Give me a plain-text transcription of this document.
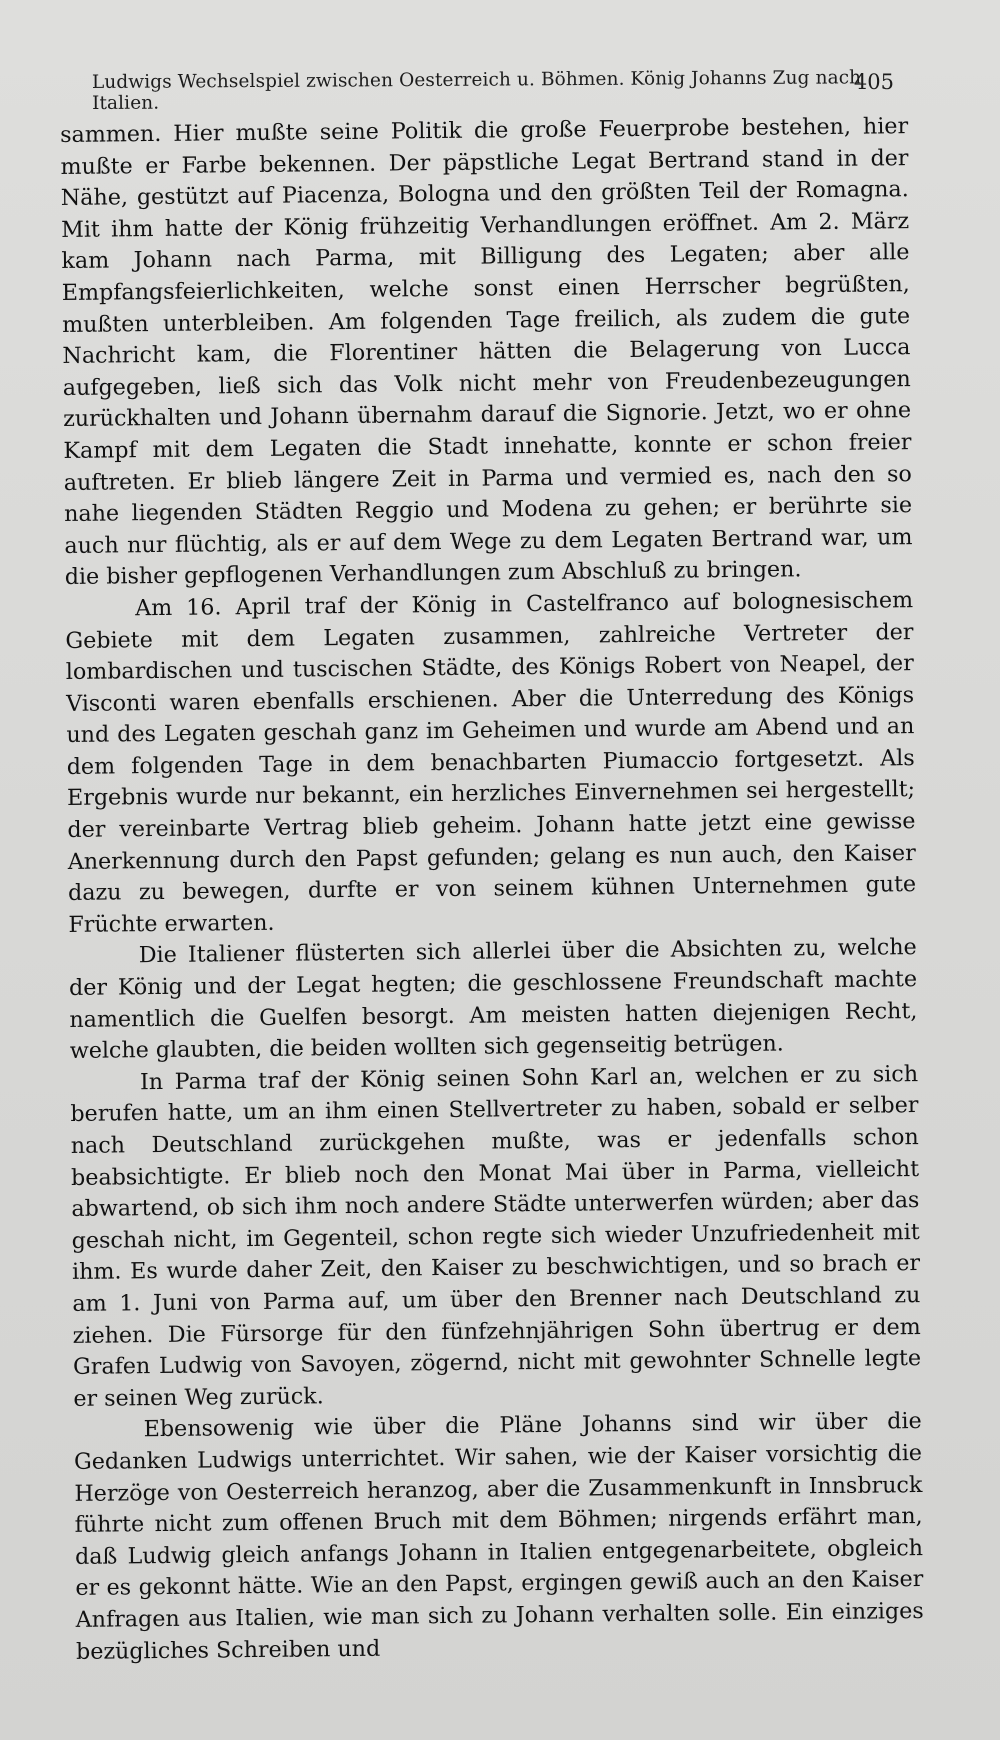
Ludwigs Wechselspiel zwischen Oesterreich u. Böhmen. König Johanns Zug nach Italien.
405

sammen. Hier mußte seine Politik die große Feuerprobe bestehen, hier mußte er Farbe bekennen. Der päpstliche Legat Bertrand stand in der Nähe, gestützt auf Piacenza, Bologna und den größten Teil der Romagna. Mit ihm hatte der König frühzeitig Verhandlungen eröffnet. Am 2. März kam Johann nach Parma, mit Billigung des Legaten; aber alle Empfangsfeierlichkeiten, welche sonst einen Herrscher begrüßten, mußten unterbleiben. Am folgenden Tage freilich, als zudem die gute Nachricht kam, die Florentiner hätten die Belagerung von Lucca aufgegeben, ließ sich das Volk nicht mehr von Freudenbezeugungen zurückhalten und Johann übernahm darauf die Signorie. Jetzt, wo er ohne Kampf mit dem Legaten die Stadt innehatte, konnte er schon freier auftreten. Er blieb längere Zeit in Parma und vermied es, nach den so nahe liegenden Städten Reggio und Modena zu gehen; er berührte sie auch nur flüchtig, als er auf dem Wege zu dem Legaten Bertrand war, um die bisher gepflogenen Verhandlungen zum Abschluß zu bringen.

Am 16. April traf der König in Castelfranco auf bolognesischem Gebiete mit dem Legaten zusammen, zahlreiche Vertreter der lombardischen und tuscischen Städte, des Königs Robert von Neapel, der Visconti waren ebenfalls erschienen. Aber die Unterredung des Königs und des Legaten geschah ganz im Geheimen und wurde am Abend und an dem folgenden Tage in dem benachbarten Piumaccio fortgesetzt. Als Ergebnis wurde nur bekannt, ein herzliches Einvernehmen sei hergestellt; der vereinbarte Vertrag blieb geheim. Johann hatte jetzt eine gewisse Anerkennung durch den Papst gefunden; gelang es nun auch, den Kaiser dazu zu bewegen, durfte er von seinem kühnen Unternehmen gute Früchte erwarten.

Die Italiener flüsterten sich allerlei über die Absichten zu, welche der König und der Legat hegten; die geschlossene Freundschaft machte namentlich die Guelfen besorgt. Am meisten hatten diejenigen Recht, welche glaubten, die beiden wollten sich gegenseitig betrügen.

In Parma traf der König seinen Sohn Karl an, welchen er zu sich berufen hatte, um an ihm einen Stellvertreter zu haben, sobald er selber nach Deutschland zurückgehen mußte, was er jedenfalls schon beabsichtigte. Er blieb noch den Monat Mai über in Parma, vielleicht abwartend, ob sich ihm noch andere Städte unterwerfen würden; aber das geschah nicht, im Gegenteil, schon regte sich wieder Unzufriedenheit mit ihm. Es wurde daher Zeit, den Kaiser zu beschwichtigen, und so brach er am 1. Juni von Parma auf, um über den Brenner nach Deutschland zu ziehen. Die Fürsorge für den fünfzehnjährigen Sohn übertrug er dem Grafen Ludwig von Savoyen, zögernd, nicht mit gewohnter Schnelle legte er seinen Weg zurück.

Ebensowenig wie über die Pläne Johanns sind wir über die Gedanken Ludwigs unterrichtet. Wir sahen, wie der Kaiser vorsichtig die Herzöge von Oesterreich heranzog, aber die Zusammenkunft in Innsbruck führte nicht zum offenen Bruch mit dem Böhmen; nirgends erfährt man, daß Ludwig gleich anfangs Johann in Italien entgegenarbeitete, obgleich er es gekonnt hätte. Wie an den Papst, ergingen gewiß auch an den Kaiser Anfragen aus Italien, wie man sich zu Johann verhalten solle. Ein einziges bezügliches Schreiben und
